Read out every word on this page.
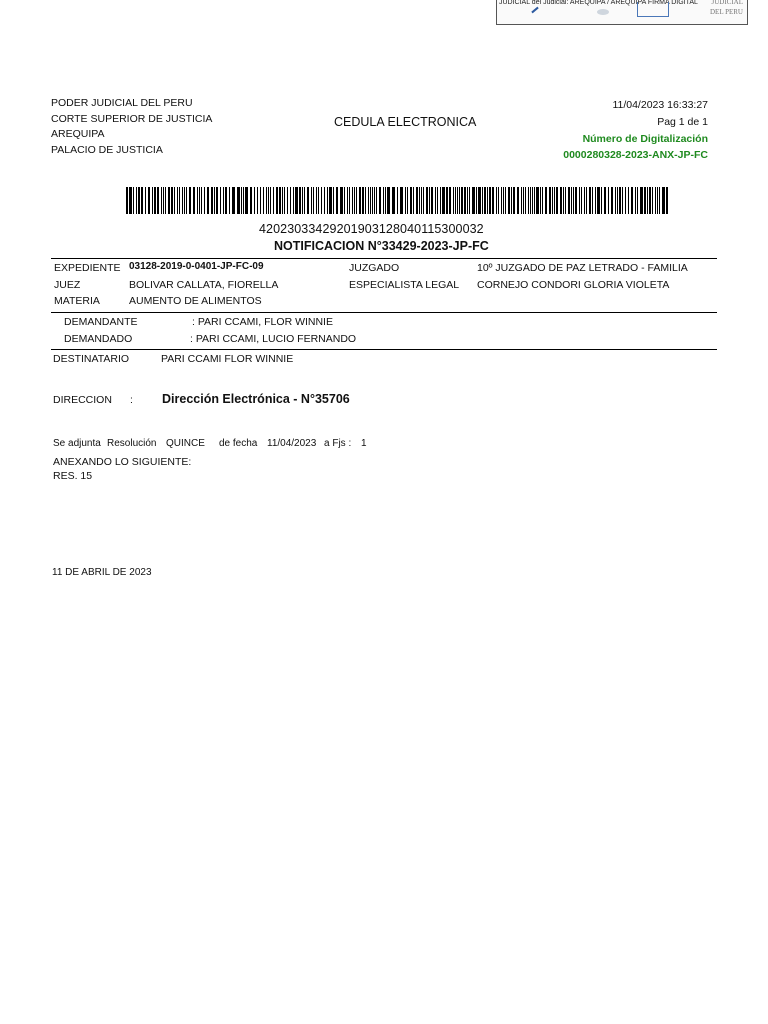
JUDICIAL del Judicial: AREQUIPA / AREQUIPA FIRMA DIGITAL JUDICIAL
DEL PERU
PODER JUDICIAL DEL PERU
CORTE SUPERIOR DE JUSTICIA
AREQUIPA
PALACIO DE JUSTICIA
CEDULA ELECTRONICA
11/04/2023 16:33:27
Pag 1 de 1
Número de Digitalización
0000280328-2023-ANX-JP-FC
42023033429201903128040115300032
NOTIFICACION N°33429-2023-JP-FC
EXPEDIENTE 03128-2019-0-0401-JP-FC-09	JUZGADO	10º JUZGADO DE PAZ LETRADO - FAMILIA
JUEZ	BOLIVAR CALLATA, FIORELLA	ESPECIALISTA LEGAL CORNEJO CONDORI GLORIA VIOLETA
MATERIA	AUMENTO DE ALIMENTOS
DEMANDANTE	: PARI CCAMI, FLOR WINNIE
DEMANDADO	: PARI CCAMI, LUCIO FERNANDO
DESTINATARIO	PARI CCAMI FLOR WINNIE
DIRECCION : Dirección Electrónica - N°35706
Se adjunta Resolución QUINCE de fecha 11/04/2023 a Fjs : 1
ANEXANDO LO SIGUIENTE:
RES. 15
11 DE ABRIL DE 2023
